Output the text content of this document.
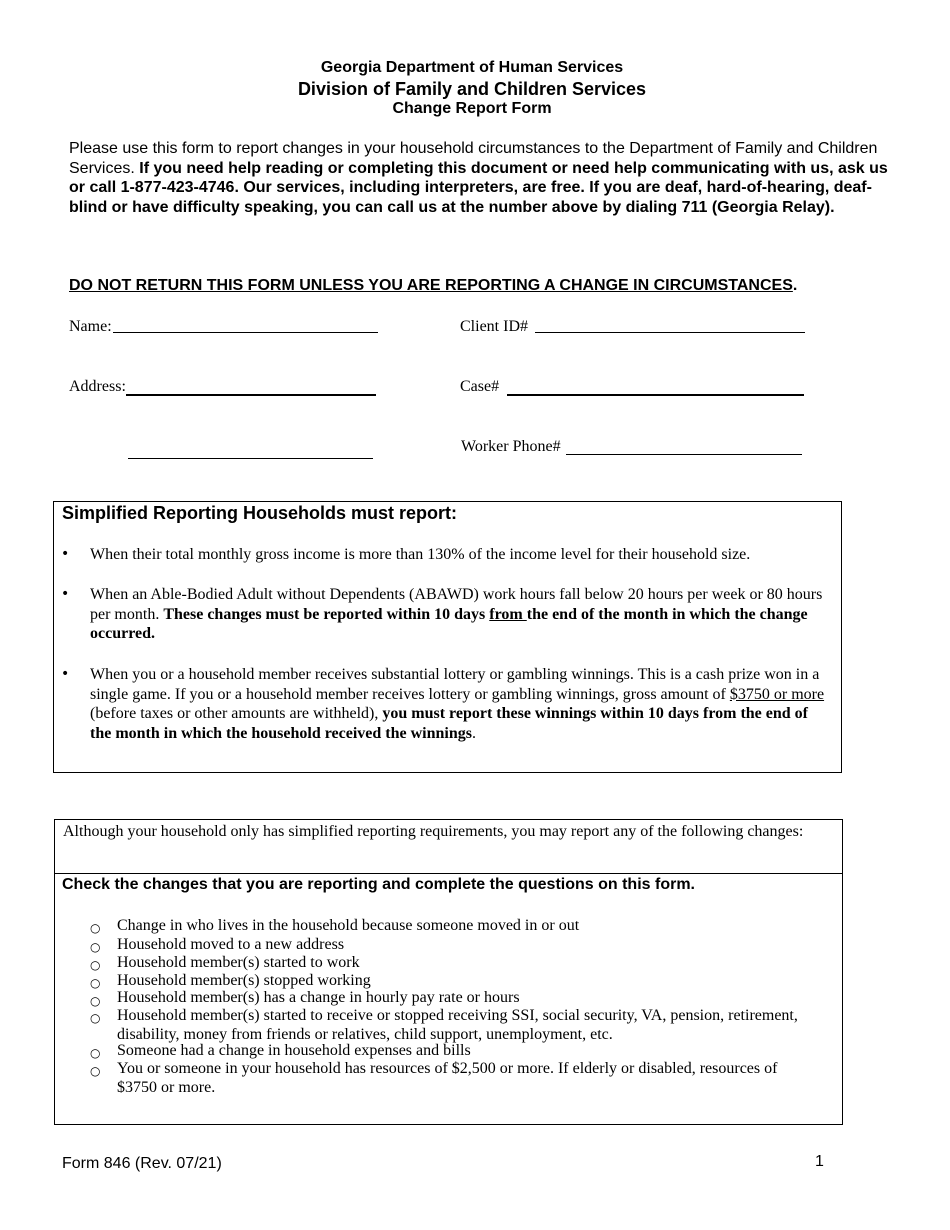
Georgia Department of Human Services
Division of Family and Children Services
Change Report Form
Please use this form to report changes in your household circumstances to the Department of Family and Children Services. If you need help reading or completing this document or need help communicating with us, ask us or call 1-877-423-4746. Our services, including interpreters, are free. If you are deaf, hard-of-hearing, deaf-blind or have difficulty speaking, you can call us at the number above by dialing 711 (Georgia Relay).
DO NOT RETURN THIS FORM UNLESS YOU ARE REPORTING A CHANGE IN CIRCUMSTANCES.
Name:	Client ID#
Address:	Case#
Worker Phone#
Simplified Reporting Households must report:
• When their total monthly gross income is more than 130% of the income level for their household size.
• When an Able-Bodied Adult without Dependents (ABAWD) work hours fall below 20 hours per week or 80 hours per month. These changes must be reported within 10 days from the end of the month in which the change occurred.
• When you or a household member receives substantial lottery or gambling winnings. This is a cash prize won in a single game. If you or a household member receives lottery or gambling winnings, gross amount of $3750 or more (before taxes or other amounts are withheld), you must report these winnings within 10 days from the end of the month in which the household received the winnings.
Although your household only has simplified reporting requirements, you may report any of the following changes:
Check the changes that you are reporting and complete the questions on this form.
○ Change in who lives in the household because someone moved in or out
○ Household moved to a new address
○ Household member(s) started to work
○ Household member(s) stopped working
○ Household member(s) has a change in hourly pay rate or hours
○ Household member(s) started to receive or stopped receiving SSI, social security, VA, pension, retirement, disability, money from friends or relatives, child support, unemployment, etc.
○ Someone had a change in household expenses and bills
○ You or someone in your household has resources of $2,500 or more. If elderly or disabled, resources of $3750 or more.
Form 846 (Rev. 07/21)	1
